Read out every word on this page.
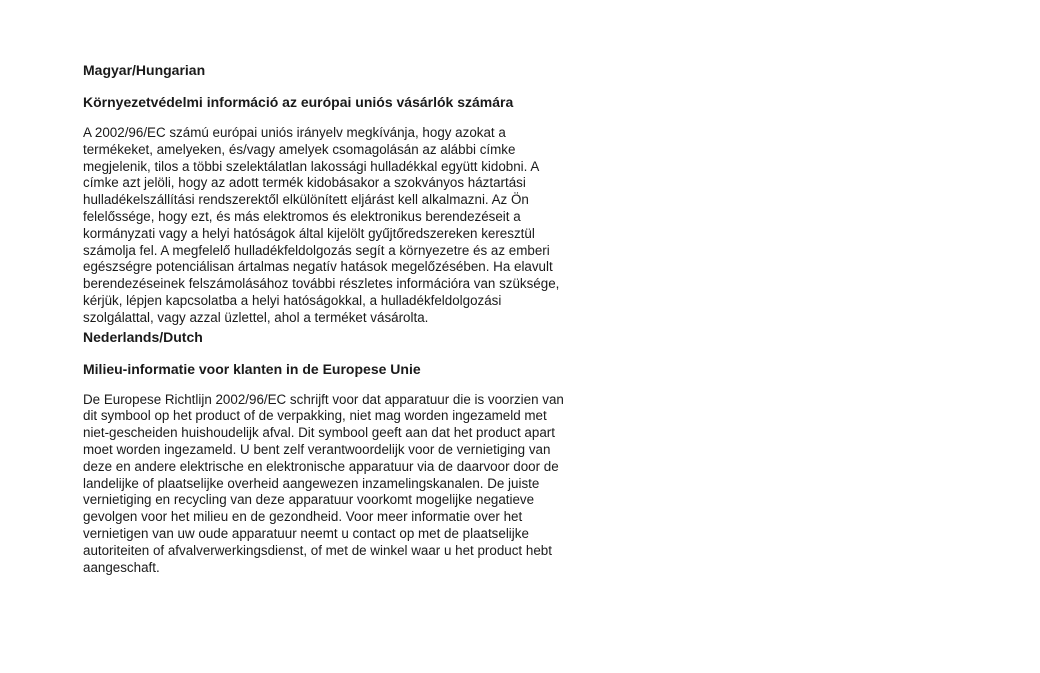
Magyar/Hungarian
Környezetvédelmi információ az európai uniós vásárlók számára

A 2002/96/EC számú európai uniós irányelv megkívánja, hogy azokat a
termékeket, amelyeken, és/vagy amelyek csomagolásán az alábbi címke
megjelenik, tilos a többi szelektálatlan lakossági hulladékkal együtt kidobni. A
címke azt jelöli, hogy az adott termék kidobásakor a szokványos háztartási
hulladékelszállítási rendszerektől elkülönített eljárást kell alkalmazni. Az Ön
felelőssége, hogy ezt, és más elektromos és elektronikus berendezéseit a
kormányzati vagy a helyi hatóságok által kijelölt gyűjtőredszereken keresztül
számolja fel. A megfelelő hulladékfeldolgozás segít a környezetre és az emberi
egészségre potenciálisan ártalmas negatív hatások megelőzésében. Ha elavult
berendezéseinek felszámolásához további részletes információra van szüksége,
kérjük, lépjen kapcsolatba a helyi hatóságokkal, a hulladékfeldolgozási
szolgálattal, vagy azzal üzlettel, ahol a terméket vásárolta.

Nederlands/Dutch
Milieu-informatie voor klanten in de Europese Unie

De Europese Richtlijn 2002/96/EC schrijft voor dat apparatuur die is voorzien van
dit symbool op het product of de verpakking, niet mag worden ingezameld met
niet-gescheiden huishoudelijk afval. Dit symbool geeft aan dat het product apart
moet worden ingezameld. U bent zelf verantwoordelijk voor de vernietiging van
deze en andere elektrische en elektronische apparatuur via de daarvoor door de
landelijke of plaatselijke overheid aangewezen inzamelingskanalen. De juiste
vernietiging en recycling van deze apparatuur voorkomt mogelijke negatieve
gevolgen voor het milieu en de gezondheid. Voor meer informatie over het
vernietigen van uw oude apparatuur neemt u contact op met de plaatselijke
autoriteiten of afvalverwerkingsdienst, of met de winkel waar u het product hebt
aangeschaft.
